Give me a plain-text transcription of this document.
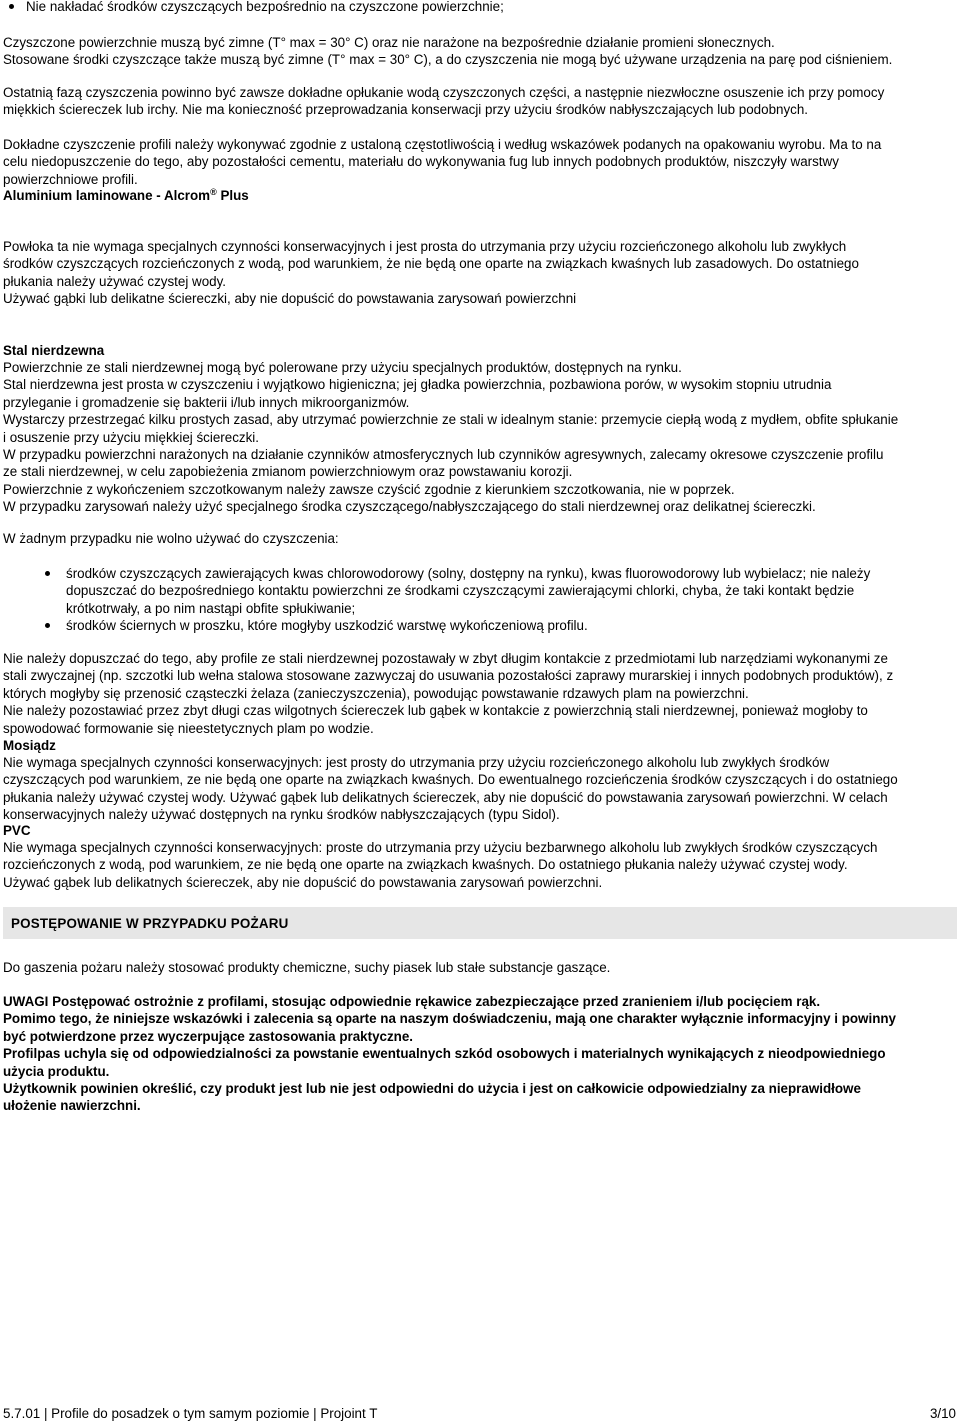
Nie nakładać środków czyszczących bezpośrednio na czyszczone powierzchnie;

Czyszczone powierzchnie muszą być zimne (T° max = 30° C) oraz nie narażone na bezpośrednie działanie promieni słonecznych.

Stosowane środki czyszczące także muszą być zimne (T° max = 30° C), a do czyszczenia nie mogą być używane urządzenia na parę pod ciśnieniem.

Ostatnią fazą czyszczenia powinno być zawsze dokładne opłukanie wodą czyszczonych części, a następnie niezwłoczne osuszenie ich przy pomocy

miękkich ściereczek lub irchy. Nie ma konieczność przeprowadzania konserwacji przy użyciu środków nabłyszczających lub podobnych.

Dokładne czyszczenie profili należy wykonywać zgodnie z ustaloną częstotliwością i według wskazówek podanych na opakowaniu wyrobu. Ma to na

celu niedopuszczenie do tego, aby pozostałości cementu, materiału do wykonywania fug lub innych podobnych produktów, niszczyły warstwy

powierzchniowe profili.

Aluminium laminowane - Alcrom® Plus

Powłoka ta nie wymaga specjalnych czynności konserwacyjnych i jest prosta do utrzymania przy użyciu rozcieńczonego alkoholu lub zwykłych

środków czyszczących rozcieńczonych z wodą, pod warunkiem, że nie będą one oparte na związkach kwaśnych lub zasadowych. Do ostatniego

płukania należy używać czystej wody.

Używać gąbki lub delikatne ściereczki, aby nie dopuścić do powstawania zarysowań powierzchni

Stal nierdzewna

Powierzchnie ze stali nierdzewnej mogą być polerowane przy użyciu specjalnych produktów, dostępnych na rynku.

Stal nierdzewna jest prosta w czyszczeniu i wyjątkowo higieniczna; jej gładka powierzchnia, pozbawiona porów, w wysokim stopniu utrudnia

przyleganie i gromadzenie się bakterii i/lub innych mikroorganizmów.

Wystarczy przestrzegać kilku prostych zasad, aby utrzymać powierzchnie ze stali w idealnym stanie: przemycie ciepłą wodą z mydłem, obfite spłukanie

i osuszenie przy użyciu miękkiej ściereczki.

W przypadku powierzchni narażonych na działanie czynników atmosferycznych lub czynników agresywnych, zalecamy okresowe czyszczenie profilu

ze stali nierdzewnej, w celu zapobieżenia zmianom powierzchniowym oraz powstawaniu korozji.

Powierzchnie z wykończeniem szczotkowanym należy zawsze czyścić zgodnie z kierunkiem szczotkowania, nie w poprzek.

W przypadku zarysowań należy użyć specjalnego środka czyszczącego/nabłyszczającego do stali nierdzewnej oraz delikatnej ściereczki.

W żadnym przypadku nie wolno używać do czyszczenia:

środków czyszczących zawierających kwas chlorowodorowy (solny, dostępny na rynku), kwas fluorowodorowy lub wybielacz; nie należy

dopuszczać do bezpośredniego kontaktu powierzchni ze środkami czyszczącymi zawierającymi chlorki, chyba, że taki kontakt będzie

krótkotrwały, a po nim nastąpi obfite spłukiwanie;

środków ściernych w proszku, które mogłyby uszkodzić warstwę wykończeniową profilu.

Nie należy dopuszczać do tego, aby profile ze stali nierdzewnej pozostawały w zbyt długim kontakcie z przedmiotami lub narzędziami wykonanymi ze

stali zwyczajnej (np. szczotki lub wełna stalowa stosowane zazwyczaj do usuwania pozostałości zaprawy murarskiej i innych podobnych produktów), z

których mogłyby się przenosić cząsteczki żelaza (zanieczyszczenia), powodując powstawanie rdzawych plam na powierzchni.

Nie należy pozostawiać przez zbyt długi czas wilgotnych ściereczek lub gąbek w kontakcie z powierzchnią stali nierdzewnej, ponieważ mogłoby to

spowodować formowanie się nieestetycznych plam po wodzie.

Mosiądz

Nie wymaga specjalnych czynności konserwacyjnych: jest prosty do utrzymania przy użyciu rozcieńczonego alkoholu lub zwykłych środków

czyszczących pod warunkiem, ze nie będą one oparte na związkach kwaśnych. Do ewentualnego rozcieńczenia środków czyszczących i do ostatniego

płukania należy używać czystej wody. Używać gąbek lub delikatnych ściereczek, aby nie dopuścić do powstawania zarysowań powierzchni. W celach

konserwacyjnych należy używać dostępnych na rynku środków nabłyszczających (typu Sidol).

PVC

Nie wymaga specjalnych czynności konserwacyjnych: proste do utrzymania przy użyciu bezbarwnego alkoholu lub zwykłych środków czyszczących

rozcieńczonych z wodą, pod warunkiem, ze nie będą one oparte na związkach kwaśnych. Do ostatniego płukania należy używać czystej wody.

Używać gąbek lub delikatnych ściereczek, aby nie dopuścić do powstawania zarysowań powierzchni.

POSTĘPOWANIE W PRZYPADKU POŻARU
Do gaszenia pożaru należy stosować produkty chemiczne, suchy piasek lub stałe substancje gaszące.

UWAGI Postępować ostrożnie z profilami, stosując odpowiednie rękawice zabezpieczające przed zranieniem i/lub pocięciem rąk.

Pomimo tego, że niniejsze wskazówki i zalecenia są oparte na naszym doświadczeniu, mają one charakter wyłącznie informacyjny i powinny

być potwierdzone przez wyczerpujące zastosowania praktyczne.

Profilpas uchyla się od odpowiedzialności za powstanie ewentualnych szkód osobowych i materialnych wynikających z nieodpowiedniego

użycia produktu.

Użytkownik powinien określić, czy produkt jest lub nie jest odpowiedni do użycia i jest on całkowicie odpowiedzialny za nieprawidłowe

ułożenie nawierzchni.

5.7.01 | Profile do posadzek o tym samym poziomie | Projoint T	3/10
